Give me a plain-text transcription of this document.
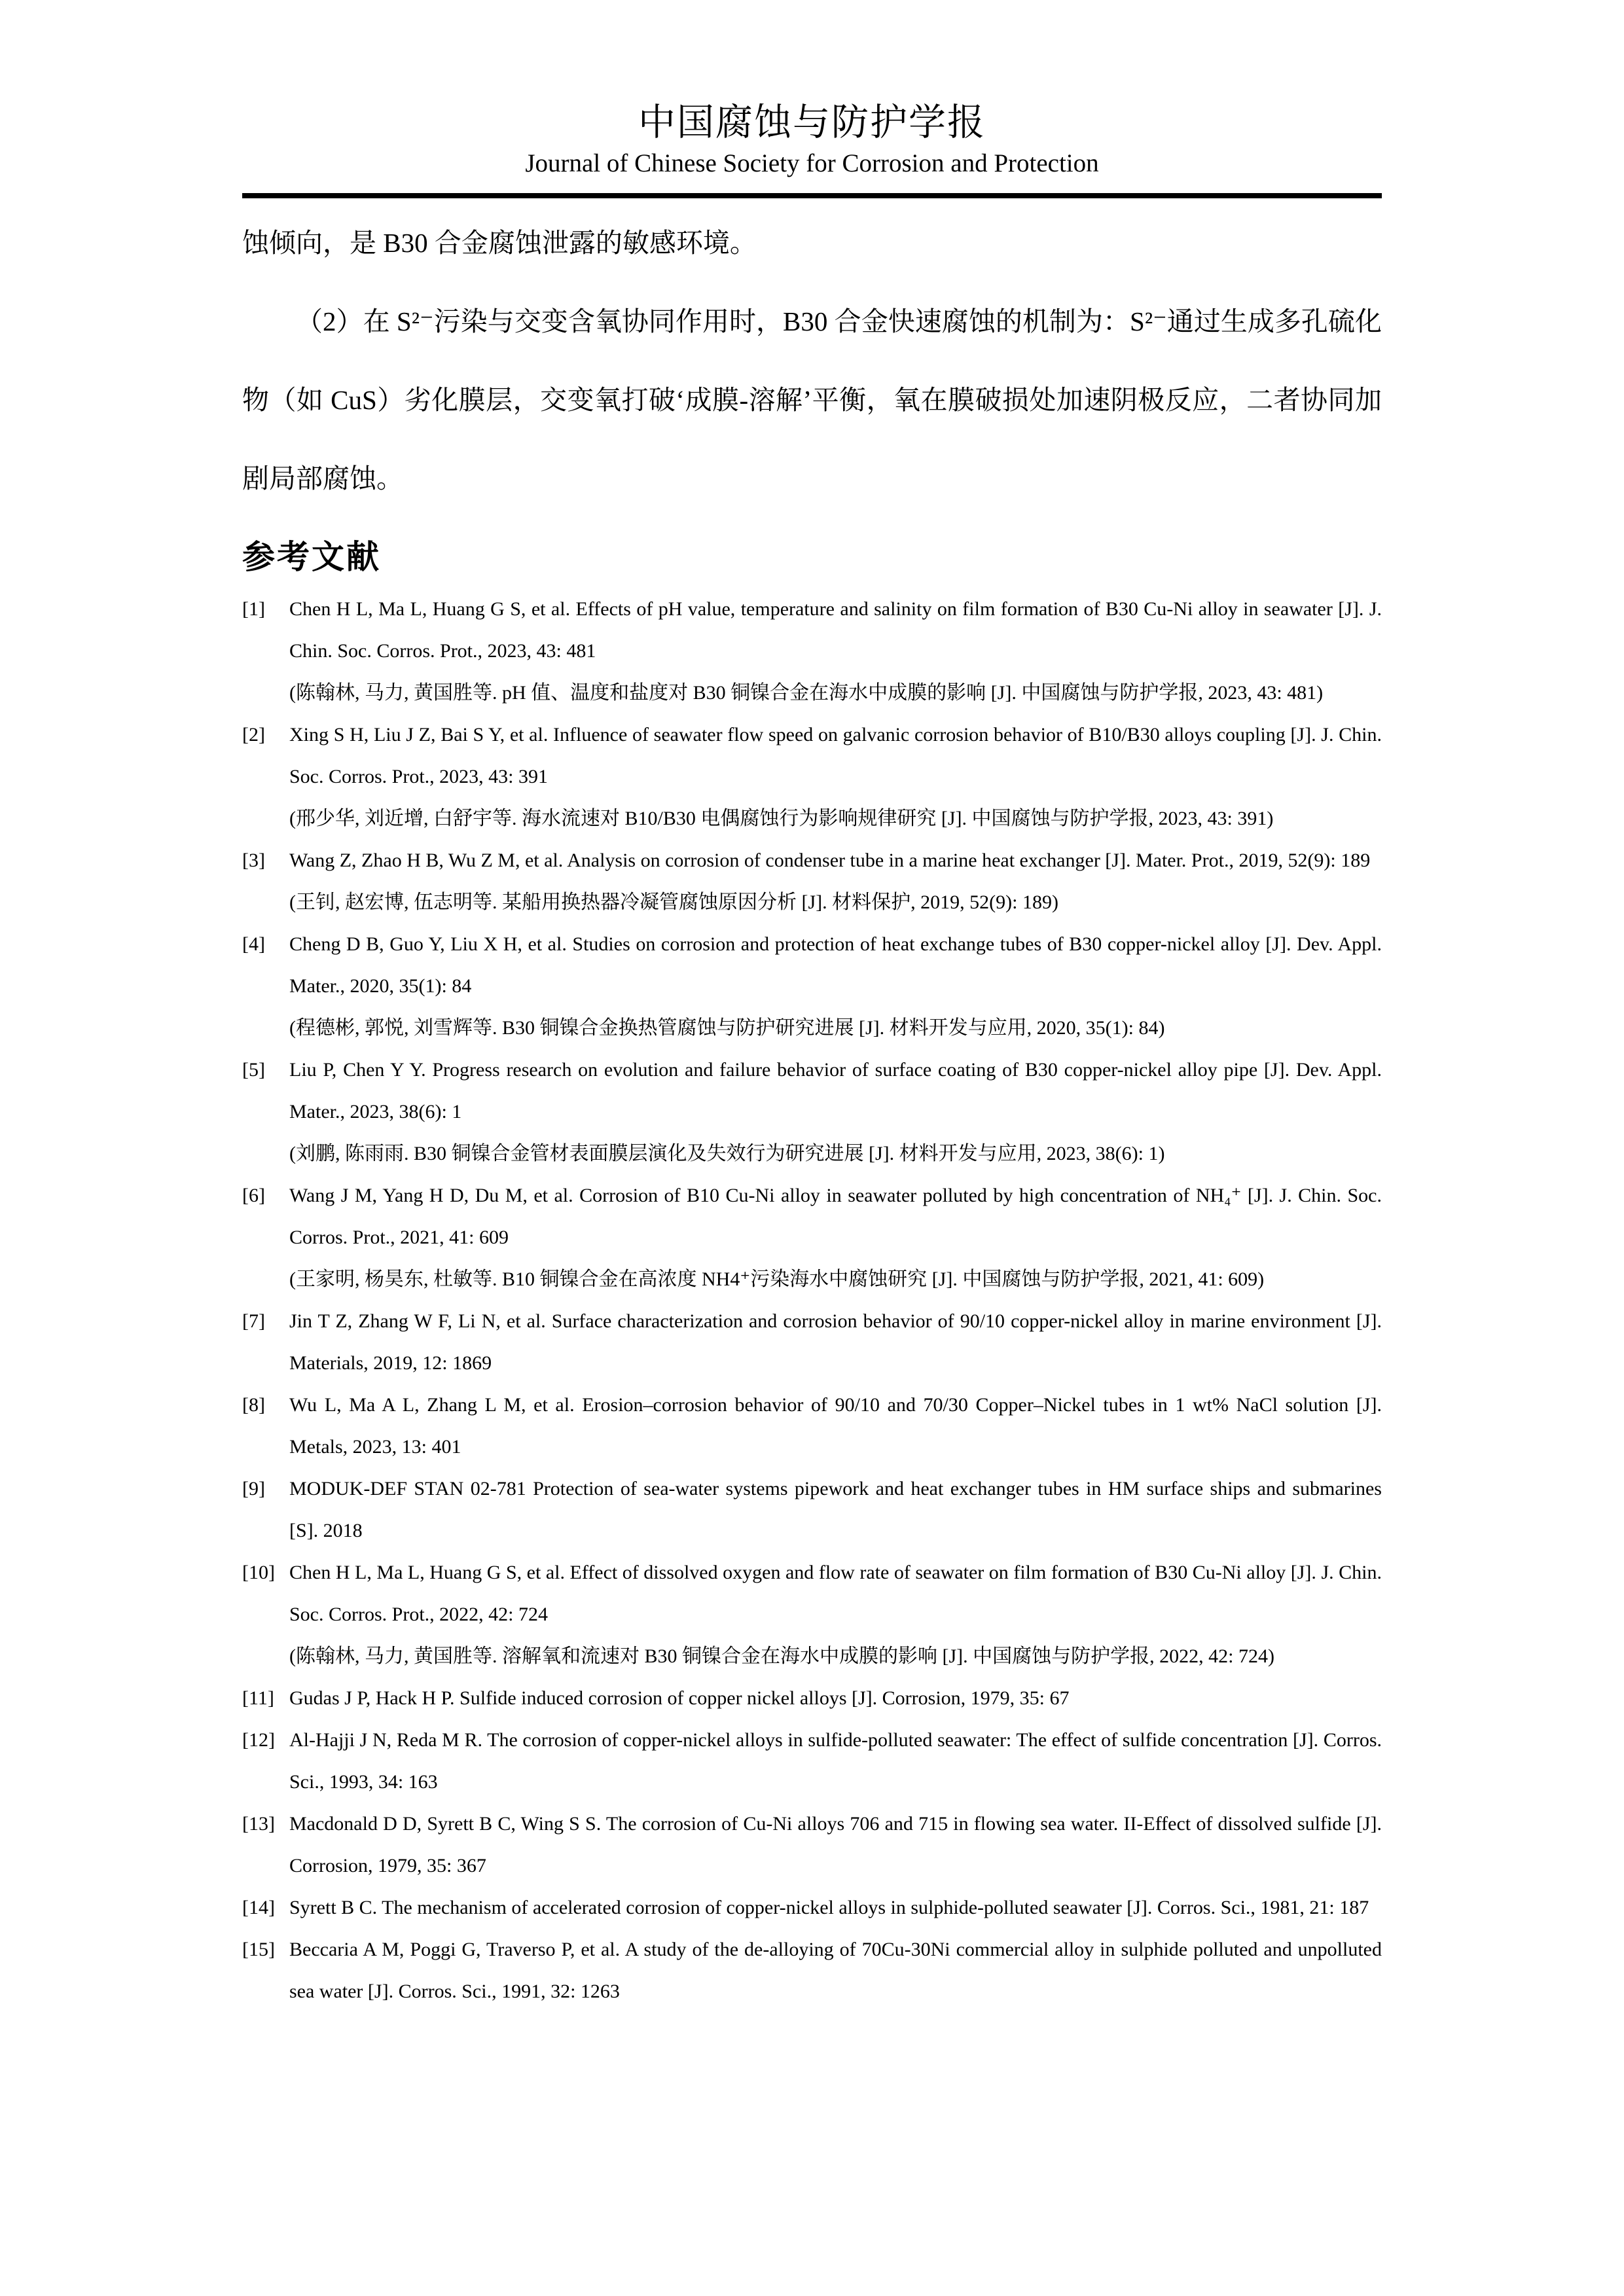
中国腐蚀与防护学报
Journal of Chinese Society for Corrosion and Protection

蚀倾向，是 B30 合金腐蚀泄露的敏感环境。

（2）在 S²⁻污染与交变含氧协同作用时，B30 合金快速腐蚀的机制为：S²⁻通过生成多孔硫化物（如 CuS）劣化膜层，交变氧打破‘成膜-溶解’平衡，氧在膜破损处加速阴极反应，二者协同加剧局部腐蚀。

参考文献
[1] Chen H L, Ma L, Huang G S, et al. Effects of pH value, temperature and salinity on film formation of B30 Cu-Ni alloy in seawater [J]. J. Chin. Soc. Corros. Prot., 2023, 43: 481
(陈翰林, 马力, 黄国胜等. pH 值、温度和盐度对 B30 铜镍合金在海水中成膜的影响 [J]. 中国腐蚀与防护学报, 2023, 43: 481)
[2] Xing S H, Liu J Z, Bai S Y, et al. Influence of seawater flow speed on galvanic corrosion behavior of B10/B30 alloys coupling [J]. J. Chin. Soc. Corros. Prot., 2023, 43: 391
(邢少华, 刘近增, 白舒宇等. 海水流速对 B10/B30 电偶腐蚀行为影响规律研究 [J]. 中国腐蚀与防护学报, 2023, 43: 391)
[3] Wang Z, Zhao H B, Wu Z M, et al. Analysis on corrosion of condenser tube in a marine heat exchanger [J]. Mater. Prot., 2019, 52(9): 189
(王钊, 赵宏博, 伍志明等. 某船用换热器冷凝管腐蚀原因分析 [J]. 材料保护, 2019, 52(9): 189)
[4] Cheng D B, Guo Y, Liu X H, et al. Studies on corrosion and protection of heat exchange tubes of B30 copper-nickel alloy [J]. Dev. Appl. Mater., 2020, 35(1): 84
(程德彬, 郭悦, 刘雪辉等. B30 铜镍合金换热管腐蚀与防护研究进展 [J]. 材料开发与应用, 2020, 35(1): 84)
[5] Liu P, Chen Y Y. Progress research on evolution and failure behavior of surface coating of B30 copper-nickel alloy pipe [J]. Dev. Appl. Mater., 2023, 38(6): 1
(刘鹏, 陈雨雨. B30 铜镍合金管材表面膜层演化及失效行为研究进展 [J]. 材料开发与应用, 2023, 38(6): 1)
[6] Wang J M, Yang H D, Du M, et al. Corrosion of B10 Cu-Ni alloy in seawater polluted by high concentration of NH₄⁺ [J]. J. Chin. Soc. Corros. Prot., 2021, 41: 609
(王家明, 杨昊东, 杜敏等. B10 铜镍合金在高浓度 NH4⁺污染海水中腐蚀研究 [J]. 中国腐蚀与防护学报, 2021, 41: 609)
[7] Jin T Z, Zhang W F, Li N, et al. Surface characterization and corrosion behavior of 90/10 copper-nickel alloy in marine environment [J]. Materials, 2019, 12: 1869
[8] Wu L, Ma A L, Zhang L M, et al. Erosion–corrosion behavior of 90/10 and 70/30 Copper–Nickel tubes in 1 wt% NaCl solution [J]. Metals, 2023, 13: 401
[9] MODUK-DEF STAN 02-781 Protection of sea-water systems pipework and heat exchanger tubes in HM surface ships and submarines [S]. 2018
[10] Chen H L, Ma L, Huang G S, et al. Effect of dissolved oxygen and flow rate of seawater on film formation of B30 Cu-Ni alloy [J]. J. Chin. Soc. Corros. Prot., 2022, 42: 724
(陈翰林, 马力, 黄国胜等. 溶解氧和流速对 B30 铜镍合金在海水中成膜的影响 [J]. 中国腐蚀与防护学报, 2022, 42: 724)
[11] Gudas J P, Hack H P. Sulfide induced corrosion of copper nickel alloys [J]. Corrosion, 1979, 35: 67
[12] Al-Hajji J N, Reda M R. The corrosion of copper-nickel alloys in sulfide-polluted seawater: The effect of sulfide concentration [J]. Corros. Sci., 1993, 34: 163
[13] Macdonald D D, Syrett B C, Wing S S. The corrosion of Cu-Ni alloys 706 and 715 in flowing sea water. II-Effect of dissolved sulfide [J]. Corrosion, 1979, 35: 367
[14] Syrett B C. The mechanism of accelerated corrosion of copper-nickel alloys in sulphide-polluted seawater [J]. Corros. Sci., 1981, 21: 187
[15] Beccaria A M, Poggi G, Traverso P, et al. A study of the de-alloying of 70Cu-30Ni commercial alloy in sulphide polluted and unpolluted sea water [J]. Corros. Sci., 1991, 32: 1263
